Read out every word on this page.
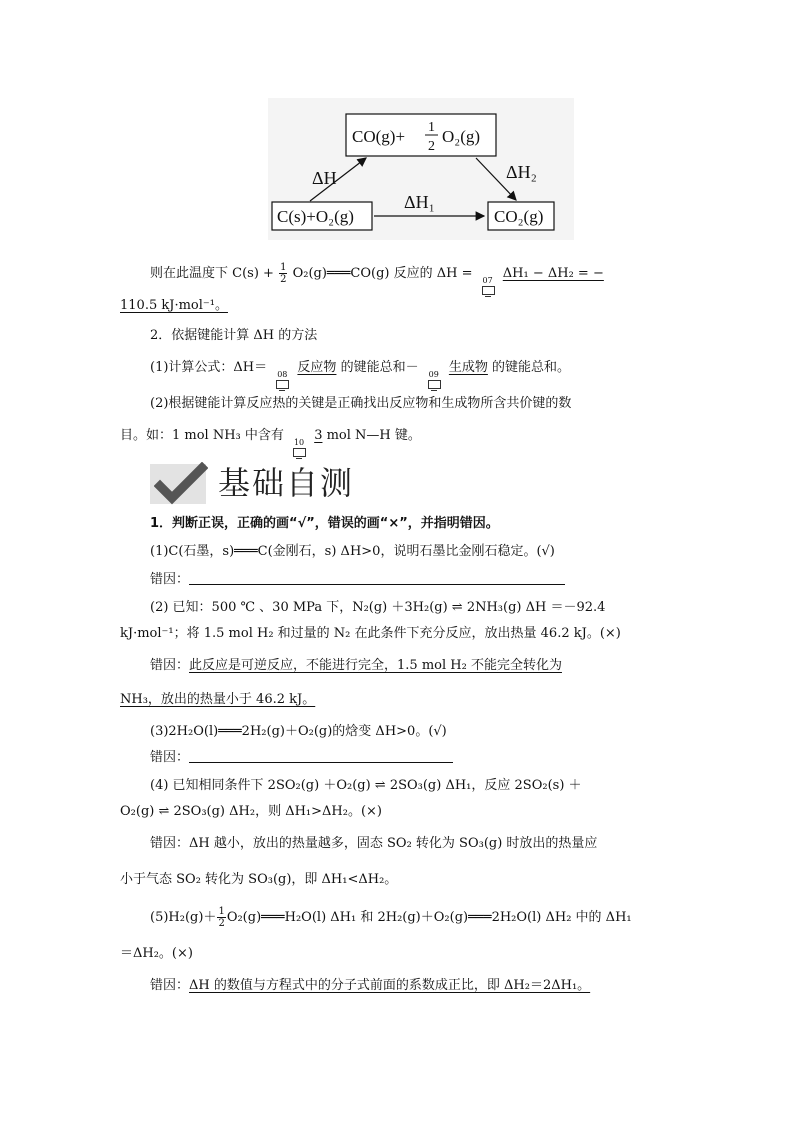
CO(g)+ 1
2
O₂(g)
C(s)+O₂(g)	CO₂(g)
ΔH	ΔH₂
ΔH₁
则在此温度下 $C(s) + \frac{1}{2}$ O₂(g)═══CO(g) 反应的 ΔH = 07 ΔH₁ − ΔH₂ = −
110.5 kJ·mol⁻¹。
2．依据键能计算 ΔH 的方法
(1)计算公式：ΔH＝ 08 反应物 的键能总和－ 09 生成物 的键能总和。
(2)根据键能计算反应热的关键是正确找出反应物和生成物所含共价键的数
目。如：1 mol NH₃ 中含有 10 3 mol N—H 键。
基础自测
1．判断正误，正确的画“√”，错误的画“×”，并指明错因。
(1)C(石墨，s)═══C(金刚石，s) ΔH>0，说明石墨比金刚石稳定。(√)
错因：
(2) 已知：500 ℃ 、30 MPa 下，N₂(g) ＋3H₂(g) ⇌ 2NH₃(g) ΔH ＝－92.4
kJ·mol⁻¹；将 1.5 mol H₂ 和过量的 N₂ 在此条件下充分反应，放出热量 46.2 kJ。(×)
错因：此反应是可逆反应，不能进行完全，1.5 mol H₂ 不能完全转化为
NH₃，放出的热量小于 46.2 kJ。
(3)2H₂O(l)═══2H₂(g)＋O₂(g)的焓变 ΔH>0。(√)
错因：
(4) 已知相同条件下 2SO₂(g) ＋O₂(g) ⇌ 2SO₃(g) ΔH₁，反应 2SO₂(s) ＋
O₂(g) ⇌ 2SO₃(g) ΔH₂，则 ΔH₁>ΔH₂。(×)
错因：ΔH 越小，放出的热量越多，固态 SO₂ 转化为 SO₃(g) 时放出的热量应
小于气态 SO₂ 转化为 SO₃(g)，即 ΔH₁<ΔH₂。
$(5)H_2(g)+ \frac{1}{2}$ O₂(g)═══H₂O(l) ΔH₁ 和 2H₂(g)＋O₂(g)═══2H₂O(l) ΔH₂ 中的 ΔH₁
＝ΔH₂。(×)
错因：ΔH 的数值与方程式中的分子式前面的系数成正比，即 ΔH₂＝2ΔH₁。
